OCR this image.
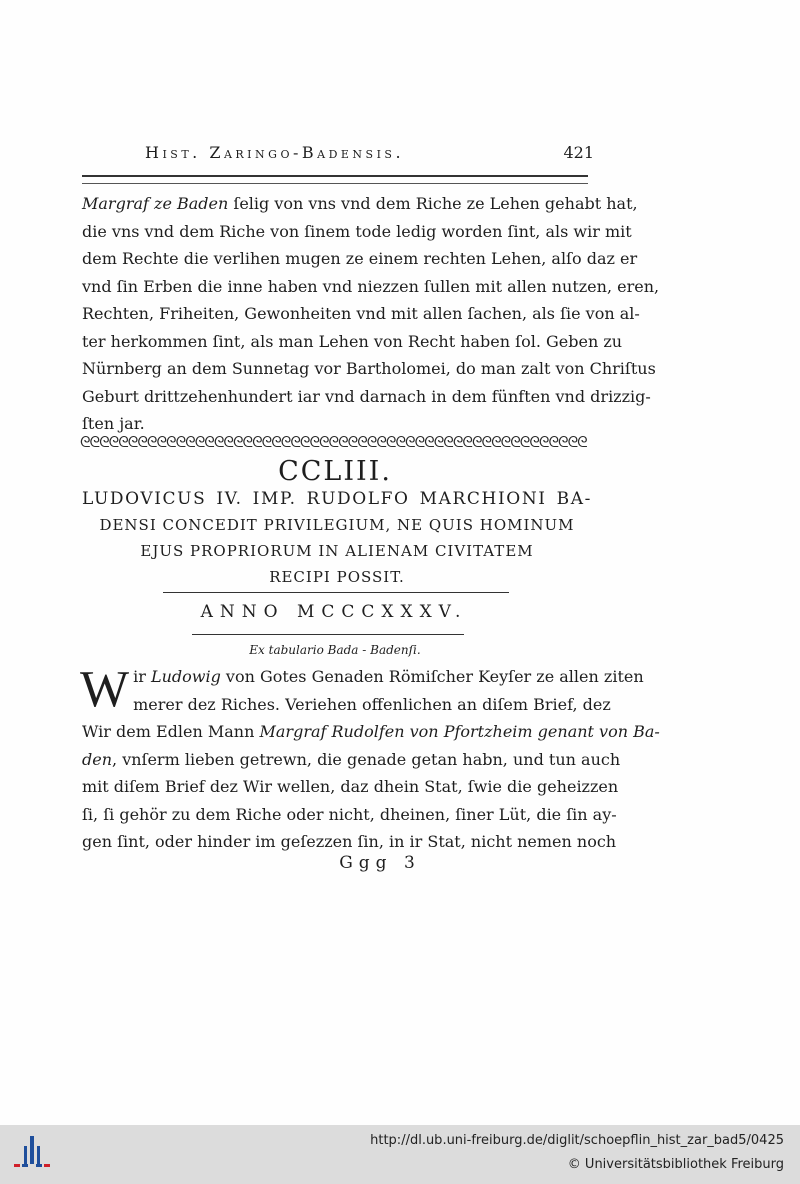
Hist. Zaringo-Badensis.	421
Margraf ze Baden ſelig von vns vnd dem Riche ze Lehen gehabt hat,
die vns vnd dem Riche von ſinem tode ledig worden ſint, als wir mit
dem Rechte die verlihen mugen ze einem rechten Lehen, alſo daz er
vnd ſin Erben die inne haben vnd niezzen ſullen mit allen nutzen, eren,
Rechten, Friheiten, Gewonheiten vnd mit allen ſachen, als ſie von al-
ter herkommen ſint, als man Lehen von Recht haben ſol. Geben zu
Nürnberg an dem Sunnetag vor Bartholomei, do man zalt von Chriſtus
Geburt drittzehenhundert iar vnd darnach in dem fünften vnd drizzig-
ſten jar.
ᘓᘓᘓᘓᘓᘓᘓᘓᘓᘓᘓᘓᘓᘓᘓᘓᘓᘓᘓᘓᘓᘓᘓᘓᘓᘓᘓᘓᘓᘓᘓᘓᘓᘓᘓᘓᘓᘓᘓᘓᘓᘓᘓᘓᘓᘓᘓᘓᘓᘓᘓᘓᘓ
CCLIII.
LUDOVICUS IV. IMP. RUDOLFO MARCHIONI BA-
DENSI CONCEDIT PRIVILEGIUM, NE QUIS HOMINUM
EJUS PROPRIORUM IN ALIENAM CIVITATEM
RECIPI POSSIT.
ANNO MCCCXXXV.
Ex tabulario Bada - Badenſi.
W ir Ludowig von Gotes Genaden Römiſcher Keyſer ze allen ziten
merer dez Riches. Veriehen offenlichen an diſem Brief, dez
Wir dem Edlen Mann Margraf Rudolfen von Pfortzheim genant von Ba-
den, vnſerm lieben getrewn, die genade getan habn, und tun auch
mit diſem Brief dez Wir wellen, daz dhein Stat, ſwie die geheizzen
ſi, ſi gehör zu dem Riche oder nicht, dheinen, ſiner Lüt, die ſin ay-
gen ſint, oder hinder im geſezzen ſin, in ir Stat, nicht nemen noch
Ggg 3
http://dl.ub.uni-freiburg.de/diglit/schoepflin_hist_zar_bad5/0425
© Universitätsbibliothek Freiburg
